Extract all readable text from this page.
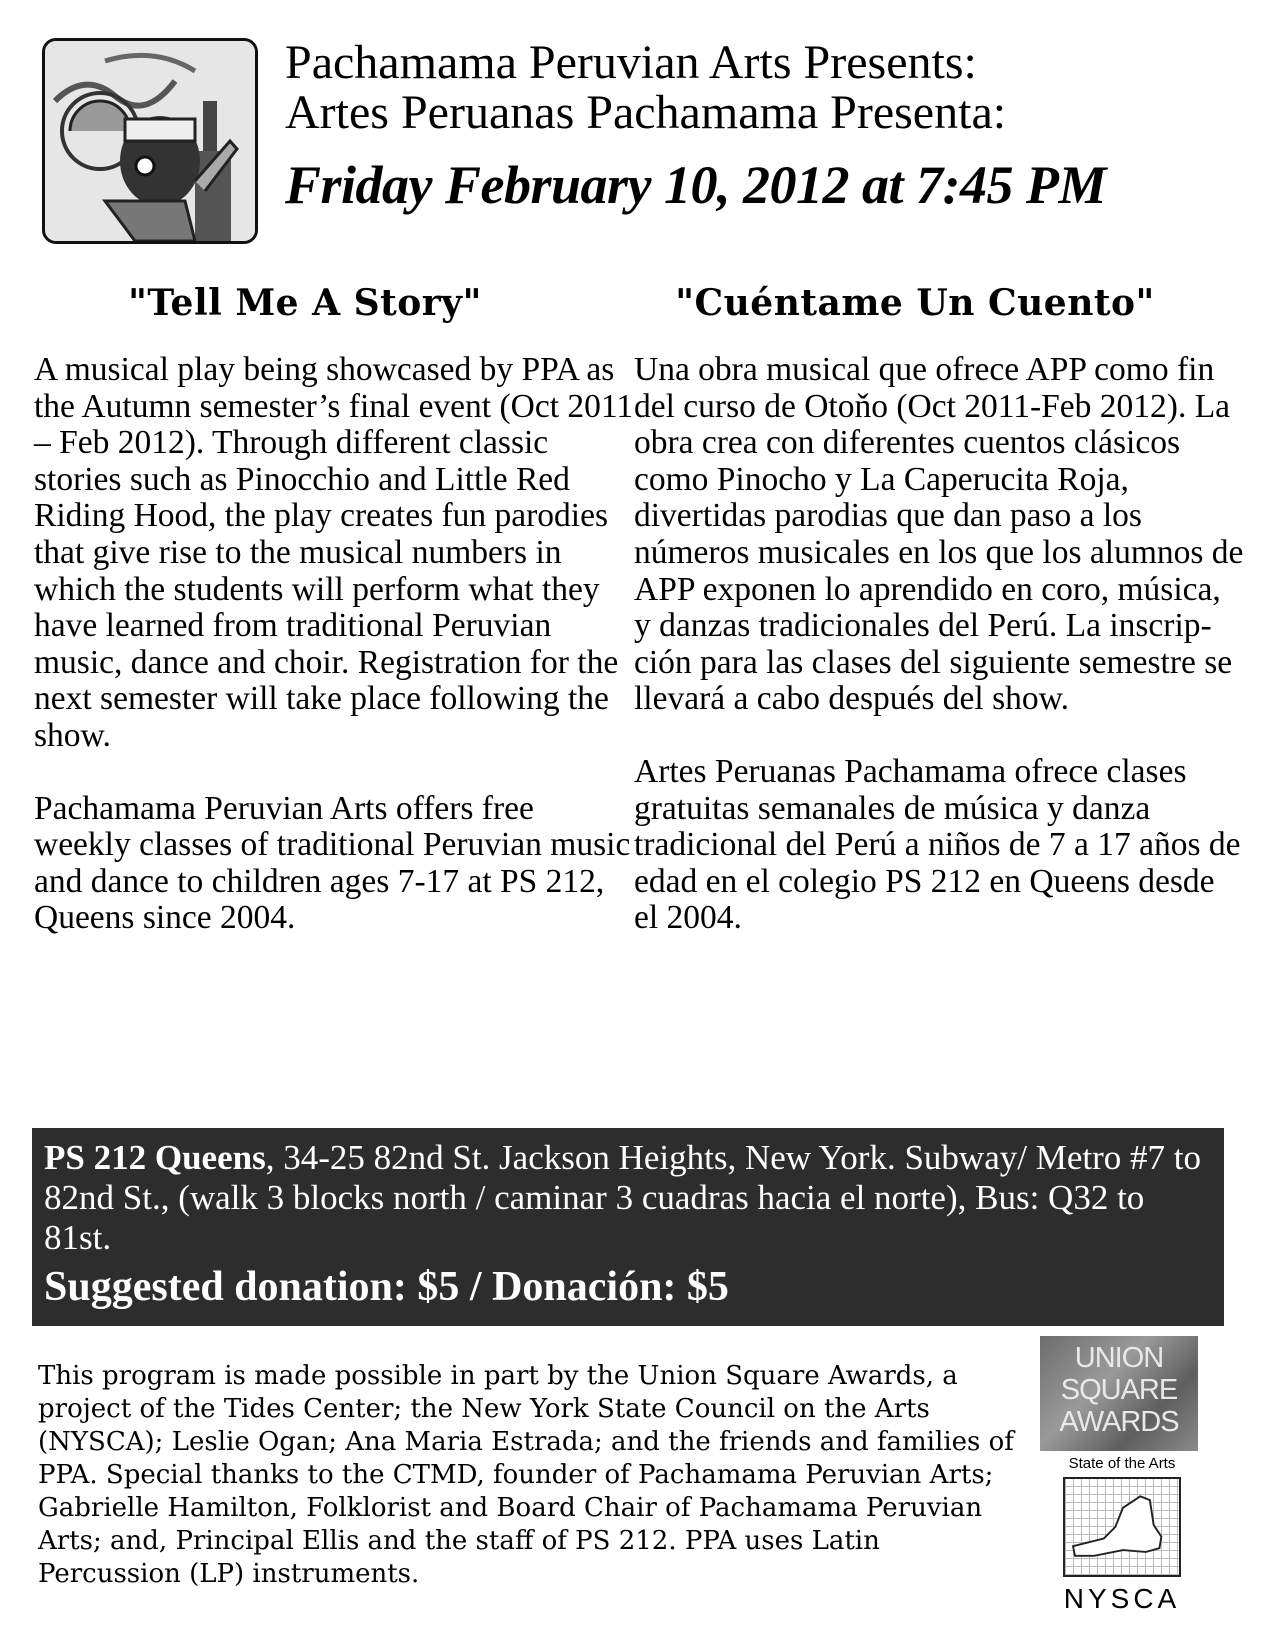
Pachamama Peruvian Arts Presents:
Artes Peruanas Pachamama Presenta:
Friday February 10, 2012 at 7:45 PM
"Tell Me A Story"	"Cuéntame Un Cuento"

A musical play being showcased by PPA as the Autumn semester’s final event (Oct 2011 – Feb 2012). Through different classic stories such as Pinocchio and Little Red Riding Hood, the play creates fun parodies that give rise to the musical numbers in which the students will perform what they have learned from traditional Peruvian music, dance and choir. Registration for the next semester will take place following the show.

Pachamama Peruvian Arts offers free weekly classes of traditional Peruvian music and dance to children ages 7-17 at PS 212, Queens since 2004.

Una obra musical que ofrece APP como fin del curso de Otoňo (Oct 2011-Feb 2012). La obra crea con diferentes cuentos clásicos como Pinocho y La Caperucita Roja, divertidas parodias que dan paso a los números musicales en los que los alumnos de APP exponen lo aprendido en coro, música, y danzas tradicionales del Perú. La inscrip-ción para las clases del siguiente semestre se llevará a cabo después del show.

Artes Peruanas Pachamama ofrece clases gratuitas semanales de música y danza tradicional del Perú a niños de 7 a 17 años de edad en el colegio PS 212 en Queens desde el 2004.

PS 212 Queens, 34-25 82nd St. Jackson Heights, New York. Subway/ Metro #7 to 82nd St., (walk 3 blocks north / caminar 3 cuadras hacia el norte), Bus: Q32 to 81st.
Suggested donation: $5 / Donación: $5
This program is made possible in part by the Union Square Awards, a project of the Tides Center; the New York State Council on the Arts (NYSCA); Leslie Ogan; Ana Maria Estrada; and the friends and families of PPA. Special thanks to the CTMD, founder of Pachamama Peruvian Arts; Gabrielle Hamilton, Folklorist and Board Chair of Pachamama Peruvian Arts; and, Principal Ellis and the staff of PS 212. PPA uses Latin Percussion (LP) instruments.
UNION
SQUARE
AWARDS
State of the Arts
NYSCA
